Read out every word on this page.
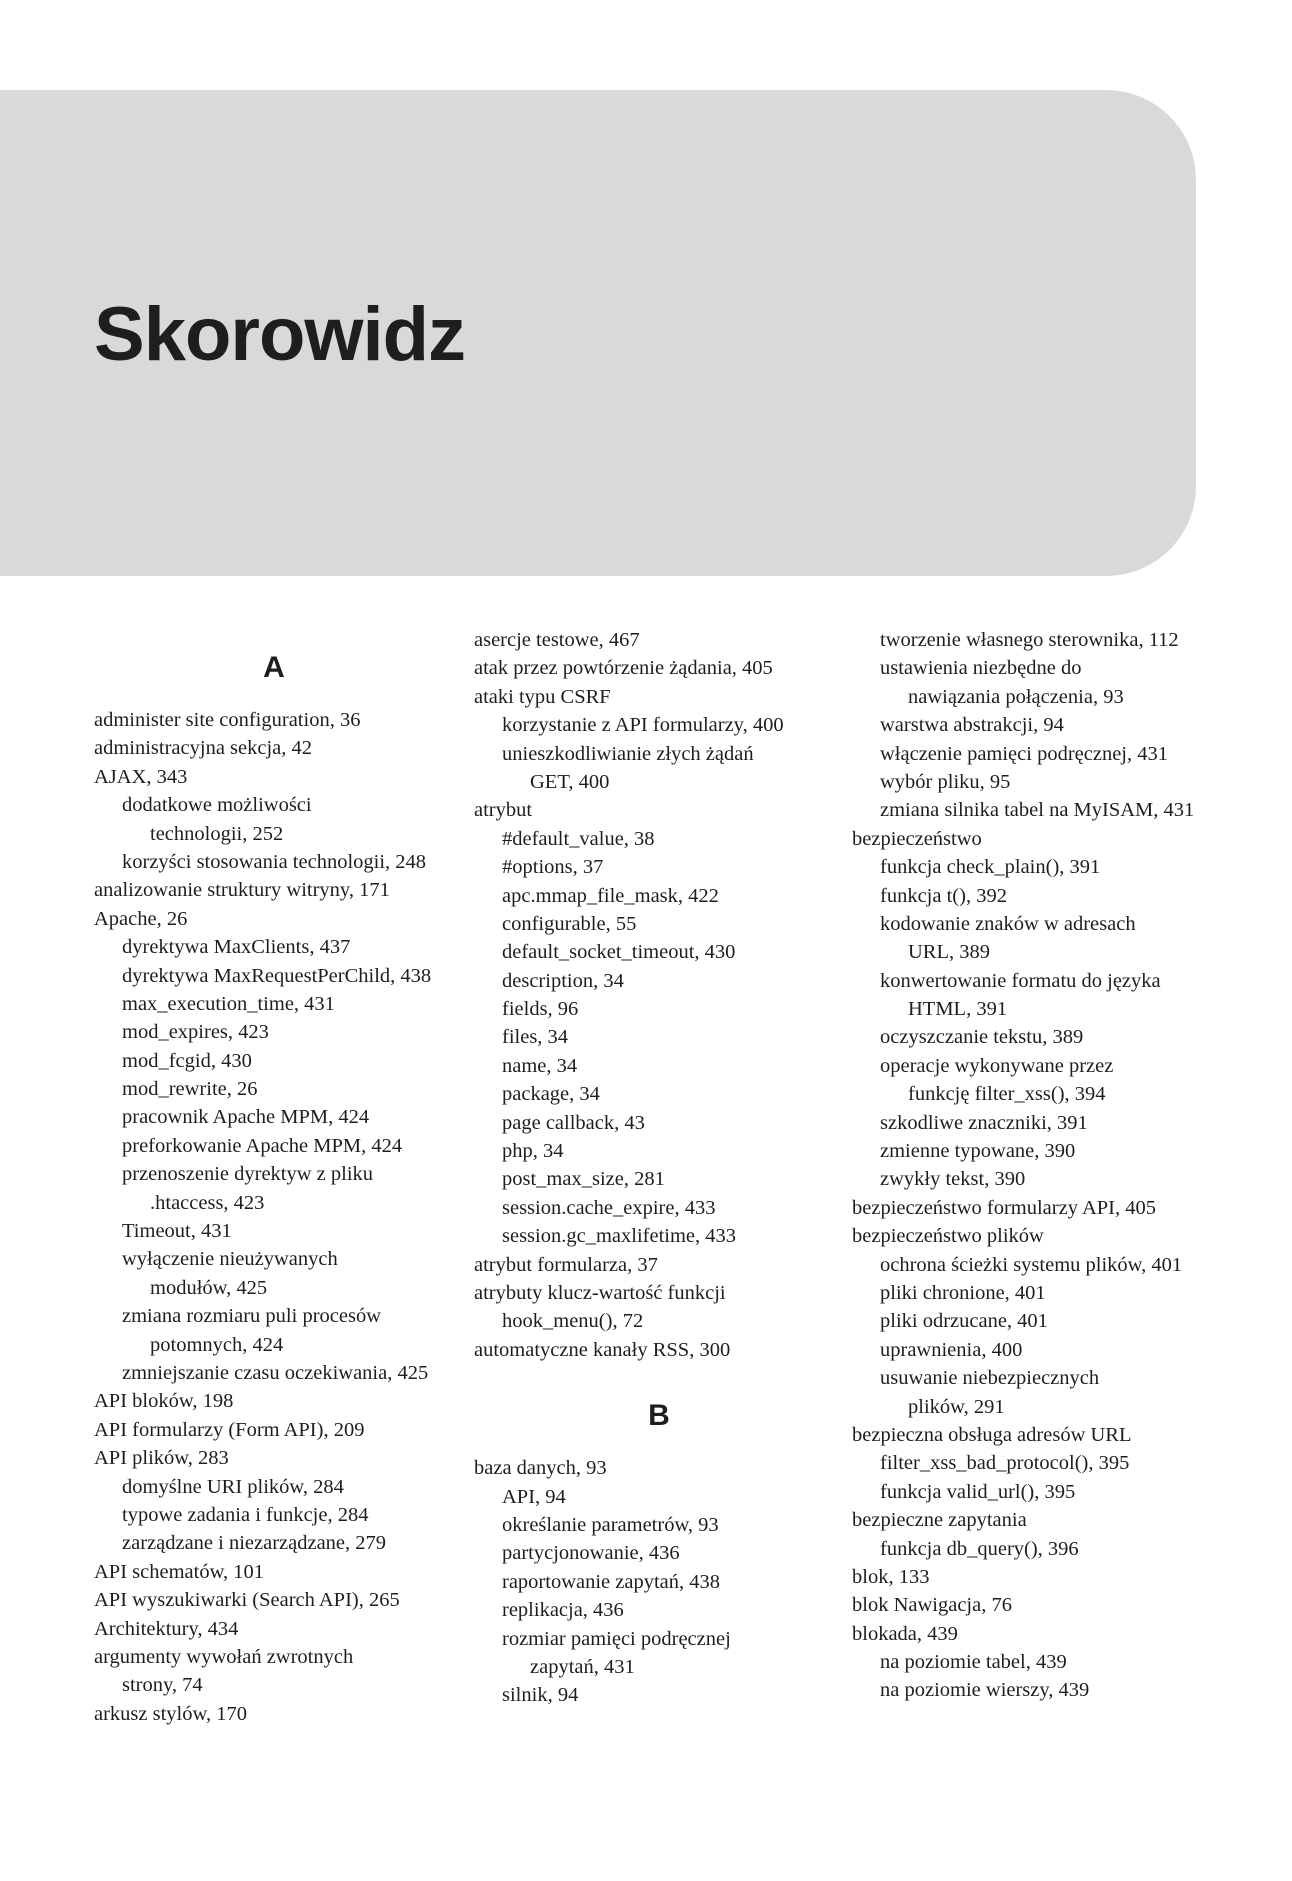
Skorowidz
A
administer site configuration, 36
administracyjna sekcja, 42
AJAX, 343
dodatkowe możliwości
technologii, 252
korzyści stosowania technologii, 248
analizowanie struktury witryny, 171
Apache, 26
dyrektywa MaxClients, 437
dyrektywa MaxRequestPerChild, 438
max_execution_time, 431
mod_expires, 423
mod_fcgid, 430
mod_rewrite, 26
pracownik Apache MPM, 424
preforkowanie Apache MPM, 424
przenoszenie dyrektyw z pliku
.htaccess, 423
Timeout, 431
wyłączenie nieużywanych
modułów, 425
zmiana rozmiaru puli procesów
potomnych, 424
zmniejszanie czasu oczekiwania, 425
API bloków, 198
API formularzy (Form API), 209
API plików, 283
domyślne URI plików, 284
typowe zadania i funkcje, 284
zarządzane i niezarządzane, 279
API schematów, 101
API wyszukiwarki (Search API), 265
Architektury, 434
argumenty wywołań zwrotnych
strony, 74
arkusz stylów, 170
asercje testowe, 467
atak przez powtórzenie żądania, 405
ataki typu CSRF
korzystanie z API formularzy, 400
unieszkodliwianie złych żądań
GET, 400
atrybut
#default_value, 38
#options, 37
apc.mmap_file_mask, 422
configurable, 55
default_socket_timeout, 430
description, 34
fields, 96
files, 34
name, 34
package, 34
page callback, 43
php, 34
post_max_size, 281
session.cache_expire, 433
session.gc_maxlifetime, 433
atrybut formularza, 37
atrybuty klucz-wartość funkcji
hook_menu(), 72
automatyczne kanały RSS, 300
B
baza danych, 93
API, 94
określanie parametrów, 93
partycjonowanie, 436
raportowanie zapytań, 438
replikacja, 436
rozmiar pamięci podręcznej
zapytań, 431
silnik, 94
tworzenie własnego sterownika, 112
ustawienia niezbędne do
nawiązania połączenia, 93
warstwa abstrakcji, 94
włączenie pamięci podręcznej, 431
wybór pliku, 95
zmiana silnika tabel na MyISAM, 431
bezpieczeństwo
funkcja check_plain(), 391
funkcja t(), 392
kodowanie znaków w adresach
URL, 389
konwertowanie formatu do języka
HTML, 391
oczyszczanie tekstu, 389
operacje wykonywane przez
funkcję filter_xss(), 394
szkodliwe znaczniki, 391
zmienne typowane, 390
zwykły tekst, 390
bezpieczeństwo formularzy API, 405
bezpieczeństwo plików
ochrona ścieżki systemu plików, 401
pliki chronione, 401
pliki odrzucane, 401
uprawnienia, 400
usuwanie niebezpiecznych
plików, 291
bezpieczna obsługa adresów URL
filter_xss_bad_protocol(), 395
funkcja valid_url(), 395
bezpieczne zapytania
funkcja db_query(), 396
blok, 133
blok Nawigacja, 76
blokada, 439
na poziomie tabel, 439
na poziomie wierszy, 439
